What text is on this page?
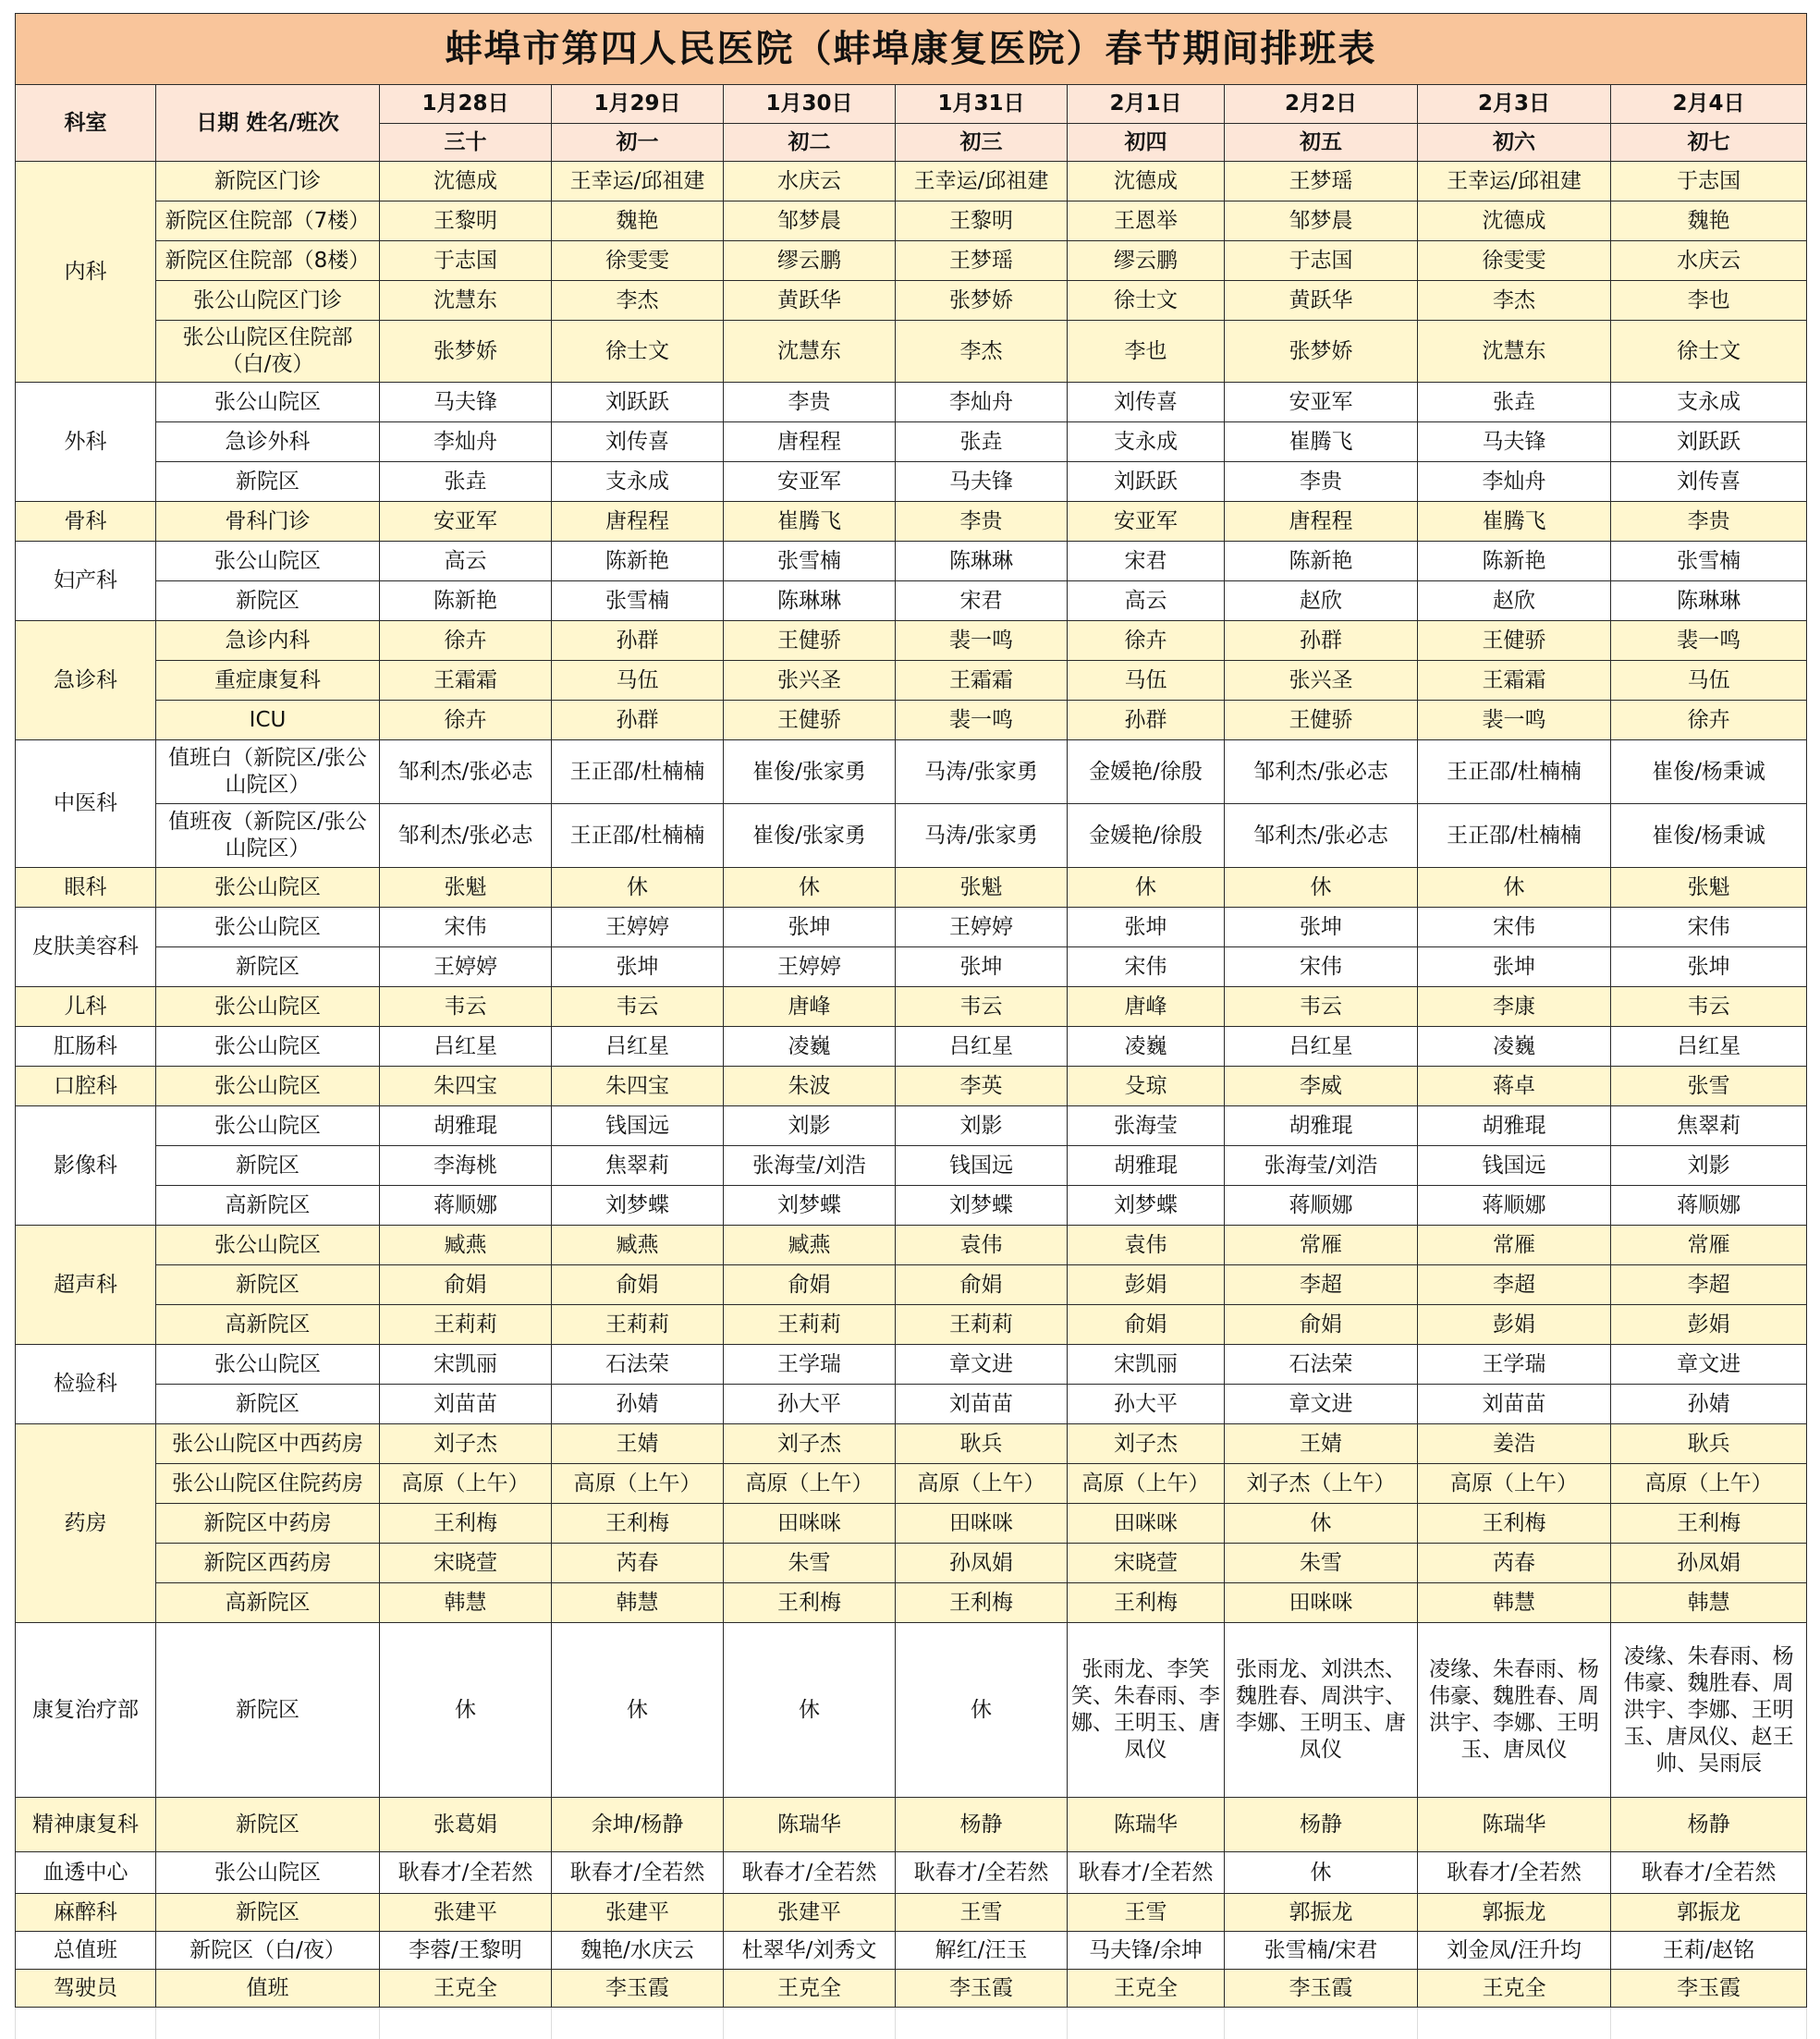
蚌埠市第四人民医院（蚌埠康复医院）春节期间排班表									
科室	日期 姓名/班次	1月28日	1月29日	1月30日	1月31日	2月1日	2月2日	2月3日	2月4日
		三十	初一	初二	初三	初四	初五	初六	初七
内科	新院区门诊	沈德成	王幸运/邱祖建	水庆云	王幸运/邱祖建	沈德成	王梦瑶	王幸运/邱祖建	于志国
	新院区住院部（7楼）	王黎明	魏艳	邹梦晨	王黎明	王恩举	邹梦晨	沈德成	魏艳
	新院区住院部（8楼）	于志国	徐雯雯	缪云鹏	王梦瑶	缪云鹏	于志国	徐雯雯	水庆云
	张公山院区门诊	沈慧东	李杰	黄跃华	张梦娇	徐士文	黄跃华	李杰	李也
	张公山院区住院部（白/夜）	张梦娇	徐士文	沈慧东	李杰	李也	张梦娇	沈慧东	徐士文
外科	张公山院区	马夫锋	刘跃跃	李贵	李灿舟	刘传喜	安亚军	张垚	支永成
	急诊外科	李灿舟	刘传喜	唐程程	张垚	支永成	崔腾飞	马夫锋	刘跃跃
	新院区	张垚	支永成	安亚军	马夫锋	刘跃跃	李贵	李灿舟	刘传喜
骨科	骨科门诊	安亚军	唐程程	崔腾飞	李贵	安亚军	唐程程	崔腾飞	李贵
妇产科	张公山院区	高云	陈新艳	张雪楠	陈琳琳	宋君	陈新艳	陈新艳	张雪楠
	新院区	陈新艳	张雪楠	陈琳琳	宋君	高云	赵欣	赵欣	陈琳琳
急诊科	急诊内科	徐卉	孙群	王健骄	裴一鸣	徐卉	孙群	王健骄	裴一鸣
	重症康复科	王霜霜	马伍	张兴圣	王霜霜	马伍	张兴圣	王霜霜	马伍
	ICU	徐卉	孙群	王健骄	裴一鸣	孙群	王健骄	裴一鸣	徐卉
中医科	值班白（新院区/张公山院区）	邹利杰/张必志	王正邵/杜楠楠	崔俊/张家勇	马涛/张家勇	金媛艳/徐殷	邹利杰/张必志	王正邵/杜楠楠	崔俊/杨秉诚
	值班夜（新院区/张公山院区）	邹利杰/张必志	王正邵/杜楠楠	崔俊/张家勇	马涛/张家勇	金媛艳/徐殷	邹利杰/张必志	王正邵/杜楠楠	崔俊/杨秉诚
眼科	张公山院区	张魁	休	休	张魁	休	休	休	张魁
皮肤美容科	张公山院区	宋伟	王婷婷	张坤	王婷婷	张坤	张坤	宋伟	宋伟
	新院区	王婷婷	张坤	王婷婷	张坤	宋伟	宋伟	张坤	张坤
儿科	张公山院区	韦云	韦云	唐峰	韦云	唐峰	韦云	李康	韦云
肛肠科	张公山院区	吕红星	吕红星	凌巍	吕红星	凌巍	吕红星	凌巍	吕红星
口腔科	张公山院区	朱四宝	朱四宝	朱波	李英	殳琼	李威	蒋卓	张雪
影像科	张公山院区	胡雅琨	钱国远	刘影	刘影	张海莹	胡雅琨	胡雅琨	焦翠莉
	新院区	李海桃	焦翠莉	张海莹/刘浩	钱国远	胡雅琨	张海莹/刘浩	钱国远	刘影
	高新院区	蒋顺娜	刘梦蝶	刘梦蝶	刘梦蝶	刘梦蝶	蒋顺娜	蒋顺娜	蒋顺娜
超声科	张公山院区	臧燕	臧燕	臧燕	袁伟	袁伟	常雁	常雁	常雁
	新院区	俞娟	俞娟	俞娟	俞娟	彭娟	李超	李超	李超
	高新院区	王莉莉	王莉莉	王莉莉	王莉莉	俞娟	俞娟	彭娟	彭娟
检验科	张公山院区	宋凯丽	石法荣	王学瑞	章文进	宋凯丽	石法荣	王学瑞	章文进
	新院区	刘苗苗	孙婧	孙大平	刘苗苗	孙大平	章文进	刘苗苗	孙婧
药房	张公山院区中西药房	刘子杰	王婧	刘子杰	耿兵	刘子杰	王婧	姜浩	耿兵
	张公山院区住院药房	高原（上午）	高原（上午）	高原（上午）	高原（上午）	高原（上午）	刘子杰（上午）	高原（上午）	高原（上午）
	新院区中药房	王利梅	王利梅	田咪咪	田咪咪	田咪咪	休	王利梅	王利梅
	新院区西药房	宋晓萱	芮春	朱雪	孙凤娟	宋晓萱	朱雪	芮春	孙凤娟
	高新院区	韩慧	韩慧	王利梅	王利梅	王利梅	田咪咪	韩慧	韩慧
康复治疗部	新院区	休	休	休	休	张雨龙、李笑笑、朱春雨、李娜、王明玉、唐凤仪	张雨龙、刘洪杰、魏胜春、周洪宇、李娜、王明玉、唐凤仪	凌缘、朱春雨、杨伟豪、魏胜春、周洪宇、李娜、王明玉、唐凤仪	凌缘、朱春雨、杨伟豪、魏胜春、周洪宇、李娜、王明玉、唐凤仪、赵王帅、吴雨辰
精神康复科	新院区	张葛娟	余坤/杨静	陈瑞华	杨静	陈瑞华	杨静	陈瑞华	杨静
血透中心	张公山院区	耿春才/全若然	耿春才/全若然	耿春才/全若然	耿春才/全若然	耿春才/全若然	休	耿春才/全若然	耿春才/全若然
麻醉科	新院区	张建平	张建平	张建平	王雪	王雪	郭振龙	郭振龙	郭振龙
总值班	新院区（白/夜）	李蓉/王黎明	魏艳/水庆云	杜翠华/刘秀文	解红/汪玉	马夫锋/余坤	张雪楠/宋君	刘金凤/汪升均	王莉/赵铭
驾驶员	值班	王克全	李玉霞	王克全	李玉霞	王克全	李玉霞	王克全	李玉霞
